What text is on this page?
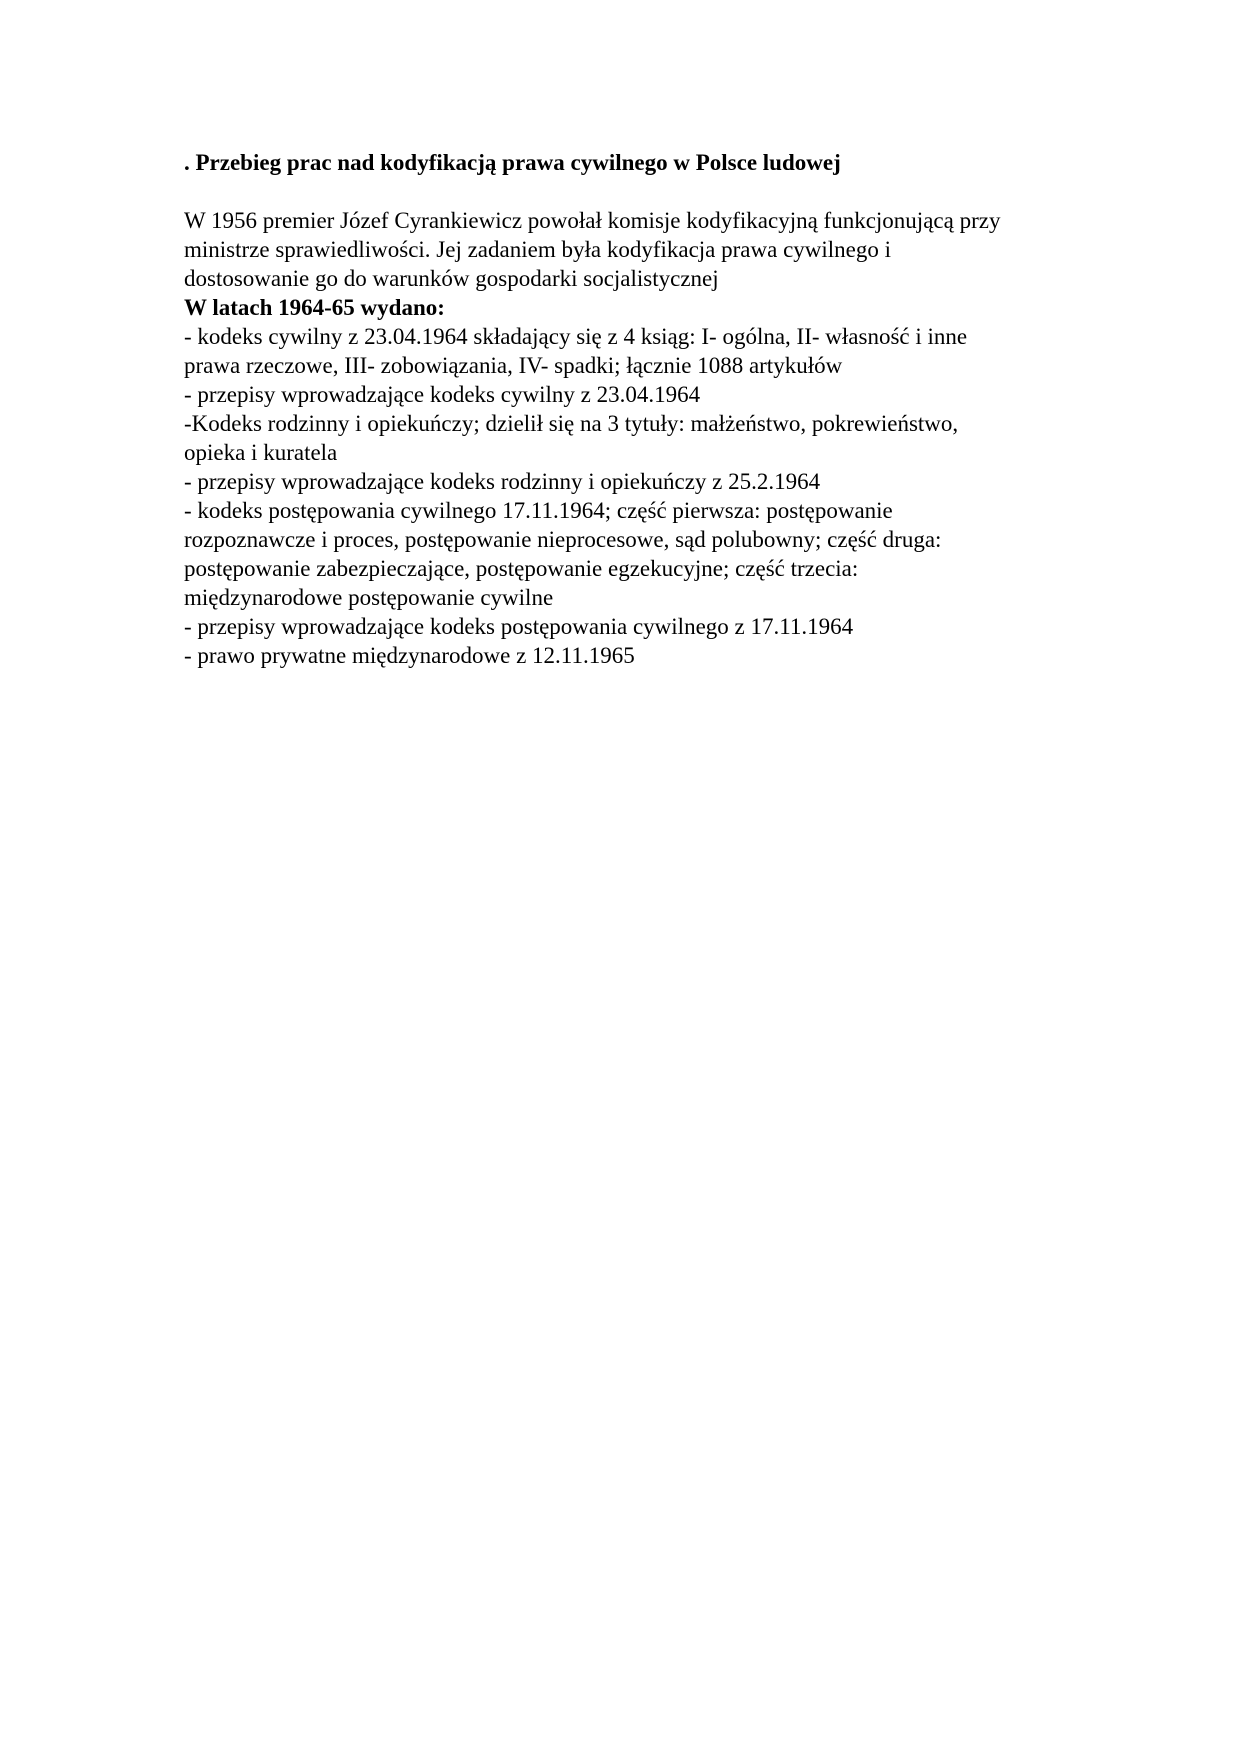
. Przebieg prac nad kodyfikacją prawa cywilnego w Polsce ludowej
W 1956 premier Józef Cyrankiewicz powołał komisje kodyfikacyjną funkcjonującą przy
ministrze sprawiedliwości. Jej zadaniem była kodyfikacja prawa cywilnego i
dostosowanie go do warunków gospodarki socjalistycznej
W latach 1964-65 wydano:
- kodeks cywilny z 23.04.1964 składający się z 4 ksiąg: I- ogólna, II- własność i inne
prawa rzeczowe, III- zobowiązania, IV- spadki; łącznie 1088 artykułów
- przepisy wprowadzające kodeks cywilny z 23.04.1964
-Kodeks rodzinny i opiekuńczy; dzielił się na 3 tytuły: małżeństwo, pokrewieństwo,
opieka i kuratela
- przepisy wprowadzające kodeks rodzinny i opiekuńczy z 25.2.1964
- kodeks postępowania cywilnego 17.11.1964; część pierwsza: postępowanie
rozpoznawcze i proces, postępowanie nieprocesowe, sąd polubowny; część druga:
postępowanie zabezpieczające, postępowanie egzekucyjne; część trzecia:
międzynarodowe postępowanie cywilne
- przepisy wprowadzające kodeks postępowania cywilnego z 17.11.1964
- prawo prywatne międzynarodowe z 12.11.1965
